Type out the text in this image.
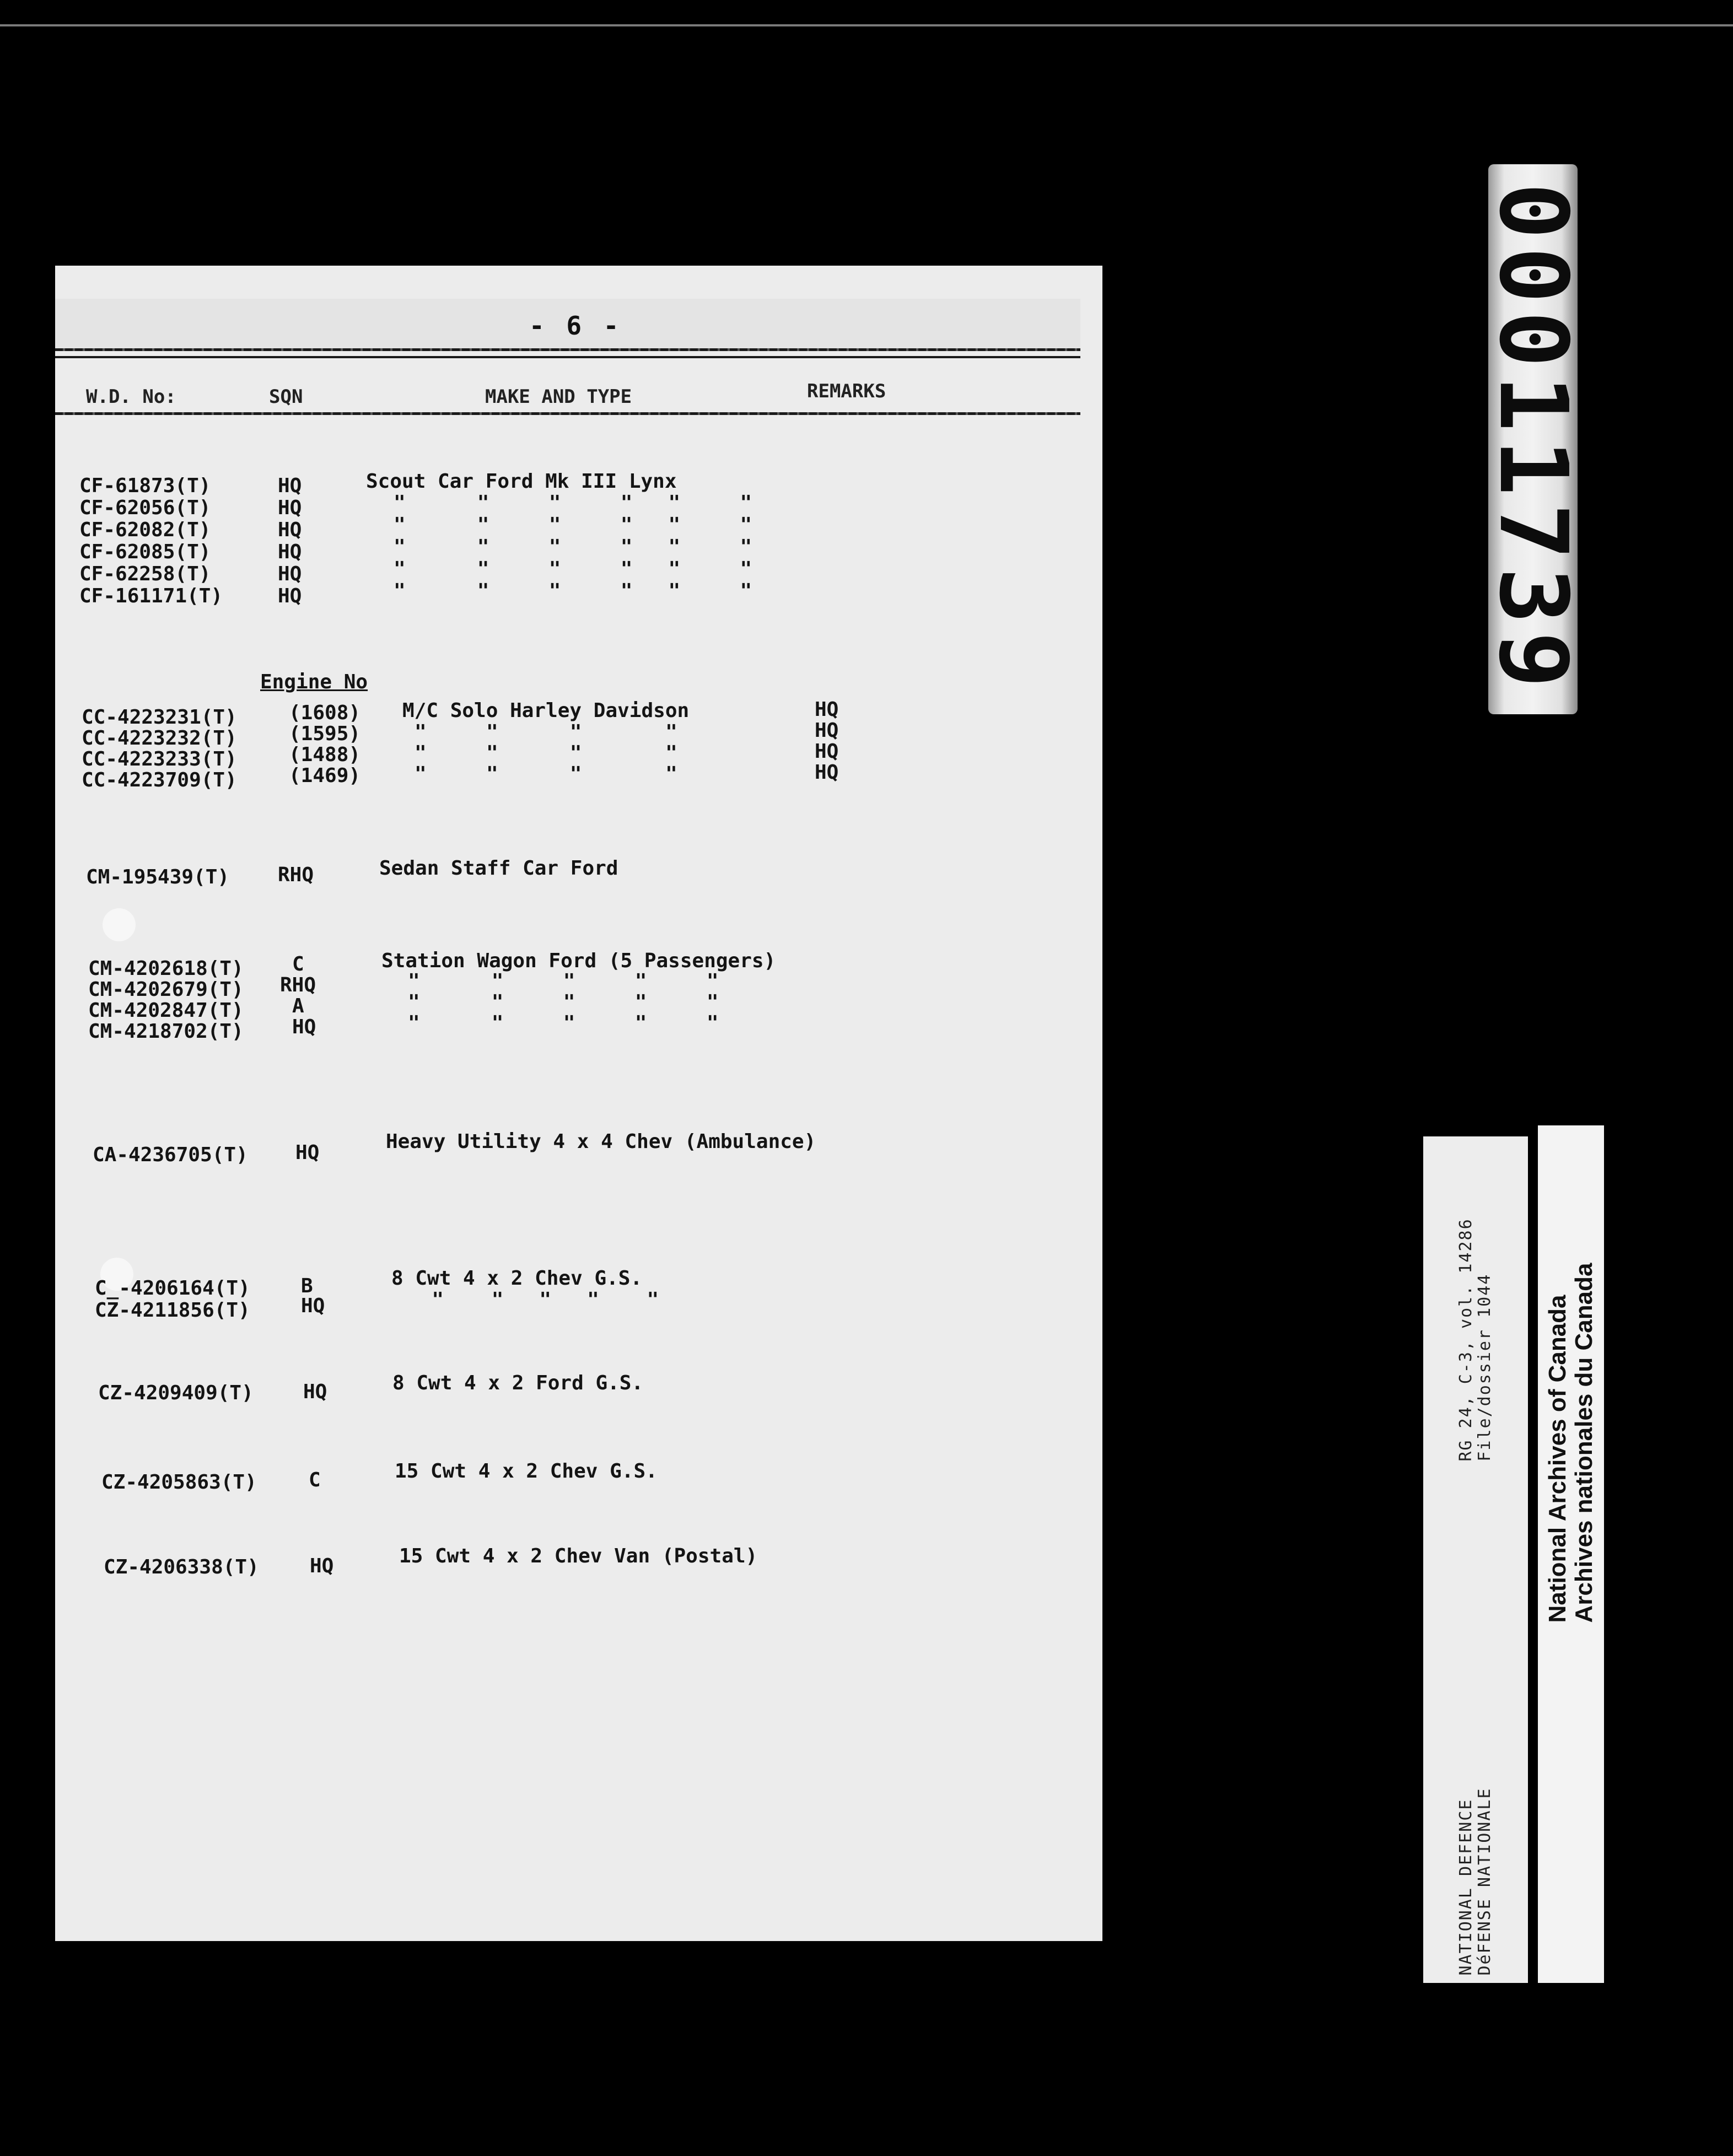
- 6 -
W.D. No:	SQN	MAKE AND TYPE	REMARKS
CF-61873(T)	HQ	Scout Car Ford Mk III Lynx
CF-62056(T)	HQ	"      "     "     "   "     "
CF-62082(T)	HQ	"      "     "     "   "     "
CF-62085(T)	HQ	"      "     "     "   "     "
CF-62258(T)	HQ	"      "     "     "   "     "
CF-161171(T)	HQ	"      "     "     "   "     "
Engine No
CC-4223231(T)	(1608) M/C Solo Harley Davidson	HQ
CC-4223232(T)	(1595)	"     "      "       "	HQ
CC-4223233(T)	(1488)	"     "      "       "	HQ
CC-4223709(T)	(1469)	"     "      "       "	HQ
CM-195439(T) RHQ	Sedan Staff Car Ford
CM-4202618(T) C	Station Wagon Ford (5 Passengers)
CM-4202679(T) RHQ	"      "     "     "     "
CM-4202847(T) A	"      "     "     "     "
CM-4218702(T) HQ	"      "     "     "     "
CA-4236705(T) HQ	Heavy Utility 4 x 4 Chev (Ambulance)
C_-4206164(T)	B	8 Cwt 4 x 2 Chev G.S.
CZ-4211856(T)	HQ	"    "   "   "    "
CZ-4209409(T)	HQ	8 Cwt 4 x 2 Ford G.S.
CZ-4205863(T)	C	15 Cwt 4 x 2 Chev G.S.
CZ-4206338(T)	HQ	15 Cwt 4 x 2 Chev Van (Postal)
00011739
RG 24, C-3, vol. 14286 File/dossier 1044
NATIONAL DEFENCE DéFENSE NATIONALE
National Archives of Canada Archives nationales du Canada
